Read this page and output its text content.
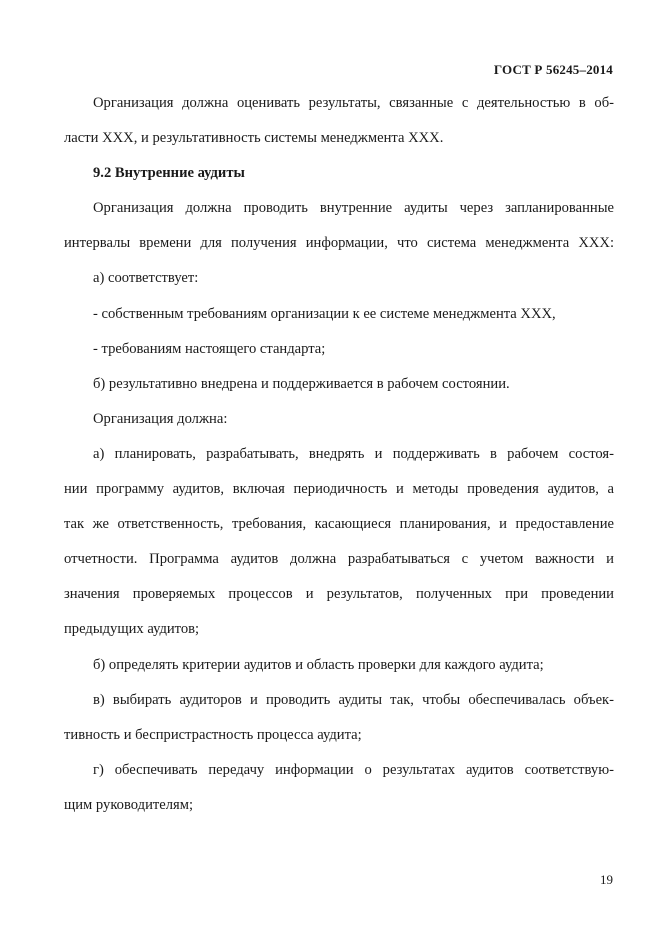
ГОСТ Р 56245–2014
Организация должна оценивать результаты, связанные с деятельностью в об-
ласти XXX, и результативность системы менеджмента XXX.
9.2 Внутренние аудиты
Организация должна проводить внутренние аудиты через запланированные
интервалы времени для получения информации, что система менеджмента XXX:
а) соответствует:
- собственным требованиям организации к ее системе менеджмента XXX,
- требованиям настоящего стандарта;
б) результативно внедрена и поддерживается в рабочем состоянии.
Организация должна:
а) планировать, разрабатывать, внедрять и поддерживать в рабочем состоя-
нии программу аудитов, включая периодичность и методы проведения аудитов, а
так же ответственность, требования, касающиеся планирования, и предоставление
отчетности. Программа аудитов должна разрабатываться с учетом важности и
значения проверяемых процессов и результатов, полученных при проведении
предыдущих аудитов;
б) определять критерии аудитов и область проверки для каждого аудита;
в) выбирать аудиторов и проводить аудиты так, чтобы обеспечивалась объек-
тивность и беспристрастность процесса аудита;
г) обеспечивать передачу информации о результатах аудитов соответствую-
щим руководителям;
19
